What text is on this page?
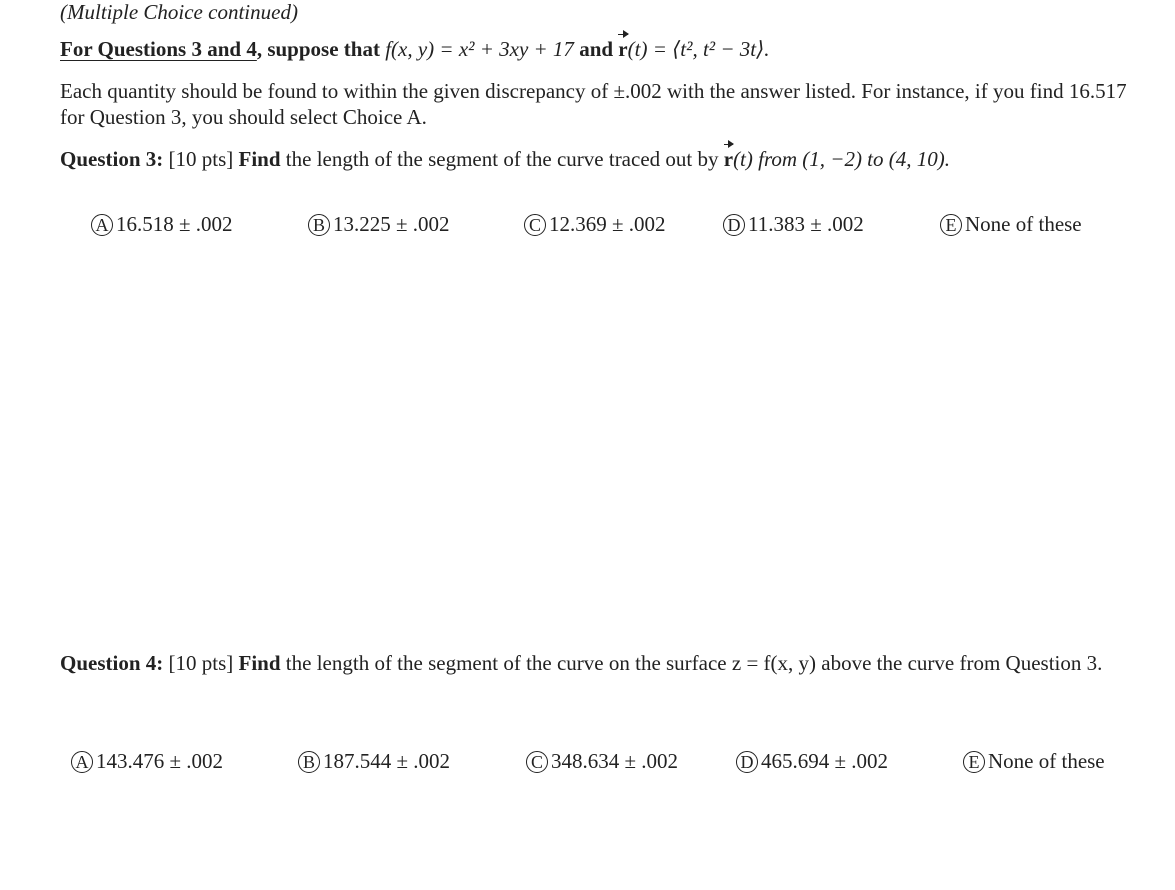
(Multiple Choice continued)
For Questions 3 and 4, suppose that f(x, y) = x² + 3xy + 17 and r(t) = ⟨t², t² − 3t⟩.
Each quantity should be found to within the given discrepancy of ±.002 with the answer listed. For instance, if you find 16.517 for Question 3, you should select Choice A.
Question 3: [10 pts] Find the length of the segment of the curve traced out by r(t) from (1, −2) to (4, 10).
A 16.518 ± .002	B 13.225 ± .002	C 12.369 ± .002	D 11.383 ± .002	E None of these
Question 4: [10 pts] Find the length of the segment of the curve on the surface z = f(x, y) above the curve from Question 3.
A 143.476 ± .002	B 187.544 ± .002	C 348.634 ± .002	D 465.694 ± .002	E None of these
